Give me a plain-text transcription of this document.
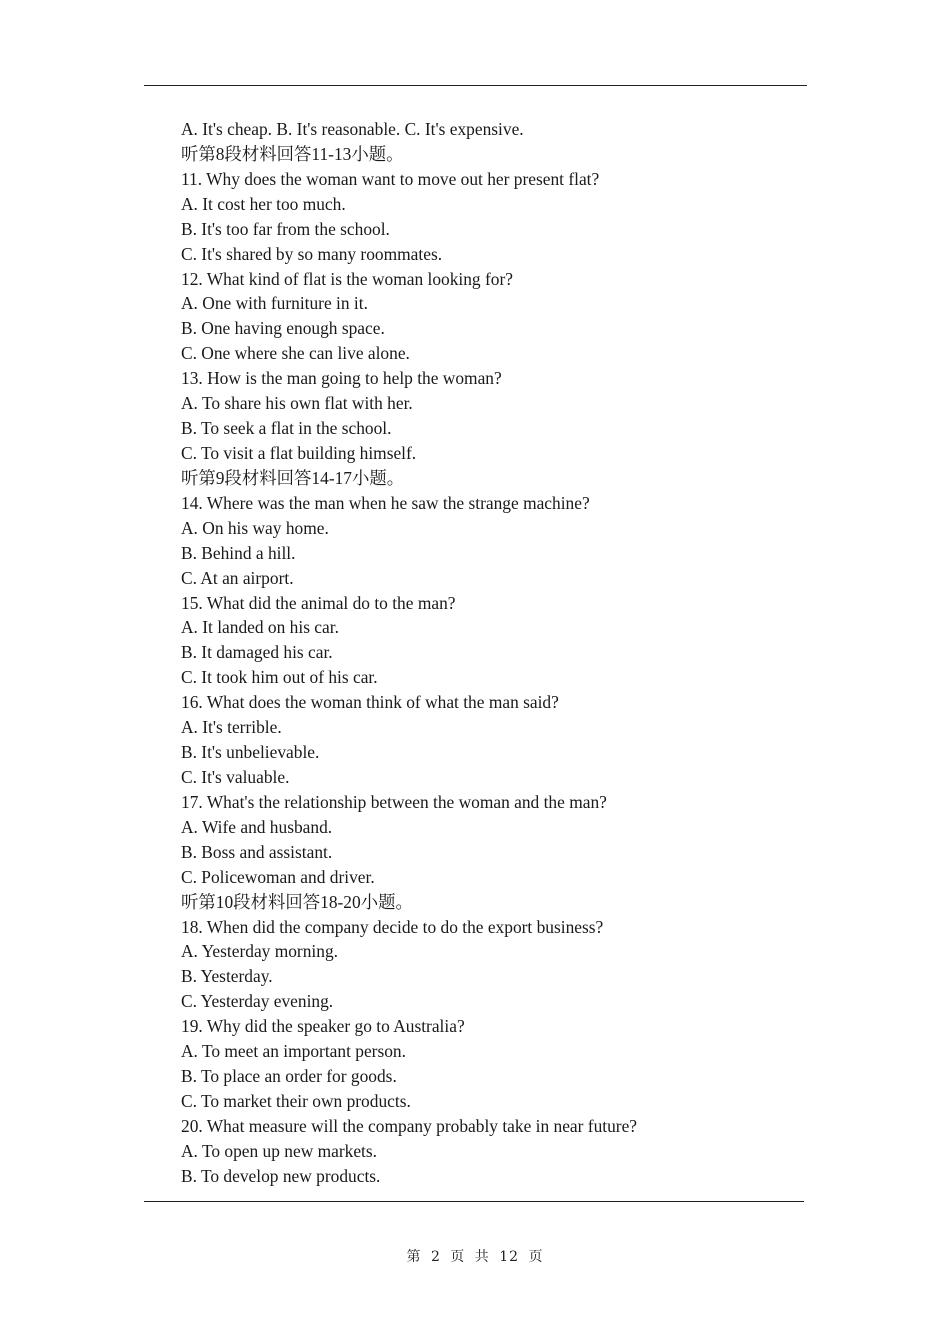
A. It's cheap. B. It's reasonable. C. It's expensive.
听第8段材料回答11-13小题。
11. Why does the woman want to move out her present flat?
A. It cost her too much.
B. It's too far from the school.
C. It's shared by so many roommates.
12. What kind of flat is the woman looking for?
A. One with furniture in it.
B. One having enough space.
C. One where she can live alone.
13. How is the man going to help the woman?
A. To share his own flat with her.
B. To seek a flat in the school.
C. To visit a flat building himself.
听第9段材料回答14-17小题。
14. Where was the man when he saw the strange machine?
A. On his way home.
B. Behind a hill.
C. At an airport.
15. What did the animal do to the man?
A. It landed on his car.
B. It damaged his car.
C. It took him out of his car.
16. What does the woman think of what the man said?
A. It's terrible.
B. It's unbelievable.
C. It's valuable.
17. What's the relationship between the woman and the man?
A. Wife and husband.
B. Boss and assistant.
C. Policewoman and driver.
听第10段材料回答18-20小题。
18. When did the company decide to do the export business?
A. Yesterday morning.
B. Yesterday.
C. Yesterday evening.
19. Why did the speaker go to Australia?
A. To meet an important person.
B. To place an order for goods.
C. To market their own products.
20. What measure will the company probably take in near future?
A. To open up new markets.
B. To develop new products.
第 2 页 共 12 页
